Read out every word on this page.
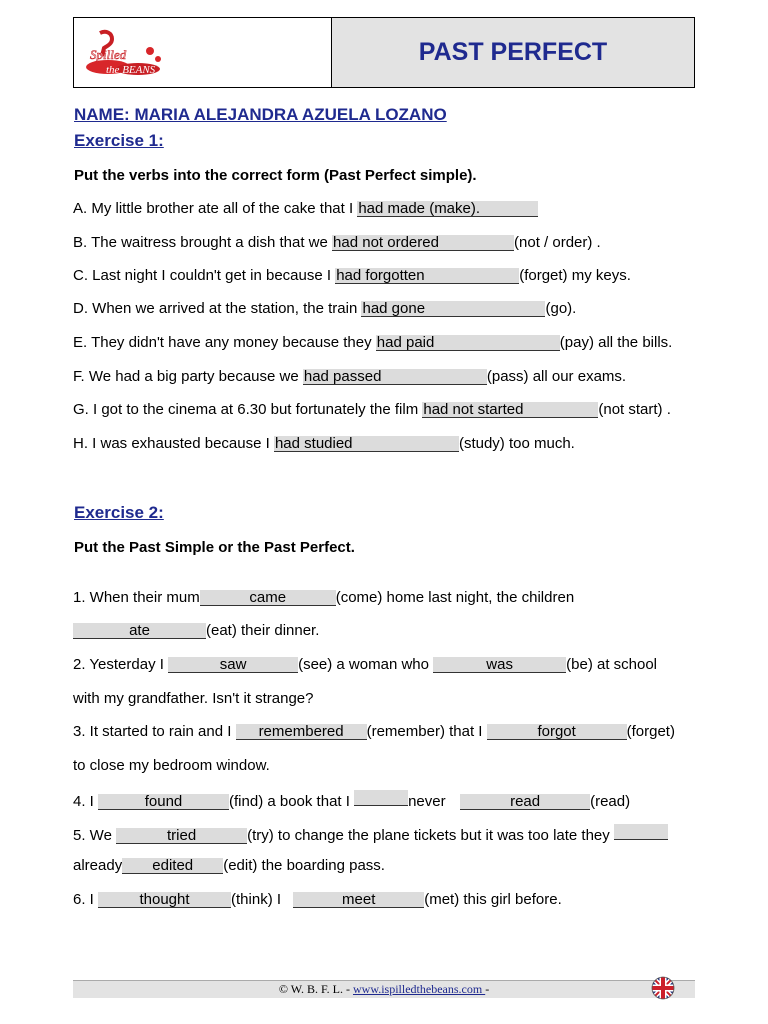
Spilled
the BEANS
PAST PERFECT
NAME: MARIA ALEJANDRA AZUELA LOZANO
Exercise 1:
Put the verbs into the correct form (Past Perfect simple).
A. My little brother ate all of the cake that I had made (make).
B. The waitress brought a dish that we had not ordered	(not / order) .
C. Last night I couldn't get in because I had forgotten	(forget) my keys.
D. When we arrived at the station, the train had gone	(go).
E. They didn't have any money because they had paid	(pay) all the bills.
F. We had a big party because we had passed	(pass) all our exams.
G. I got to the cinema at 6.30 but fortunately the film had not started	(not start) .
H. I was exhausted because I had studied	(study) too much.
Exercise 2:
Put the Past Simple or the Past Perfect.
1. When their mum	came	(come) home last night, the children
ate	(eat) their dinner.
2. Yesterday I	saw	(see) a woman who	was	(be) at school
with my grandfather. Isn't it strange?
3. It started to rain and I remembered (remember) that I	forgot	(forget)
to close my bedroom window.
4. I	found	(find) a book that I	never	read	(read)
5. We	tried	(try) to change the plane tickets but it was too late they
already edited (edit) the boarding pass.
6. I	thought	(think) I	meet	(met) this girl before.
© W. B. F. L. - www.ispilledthebeans.com -
